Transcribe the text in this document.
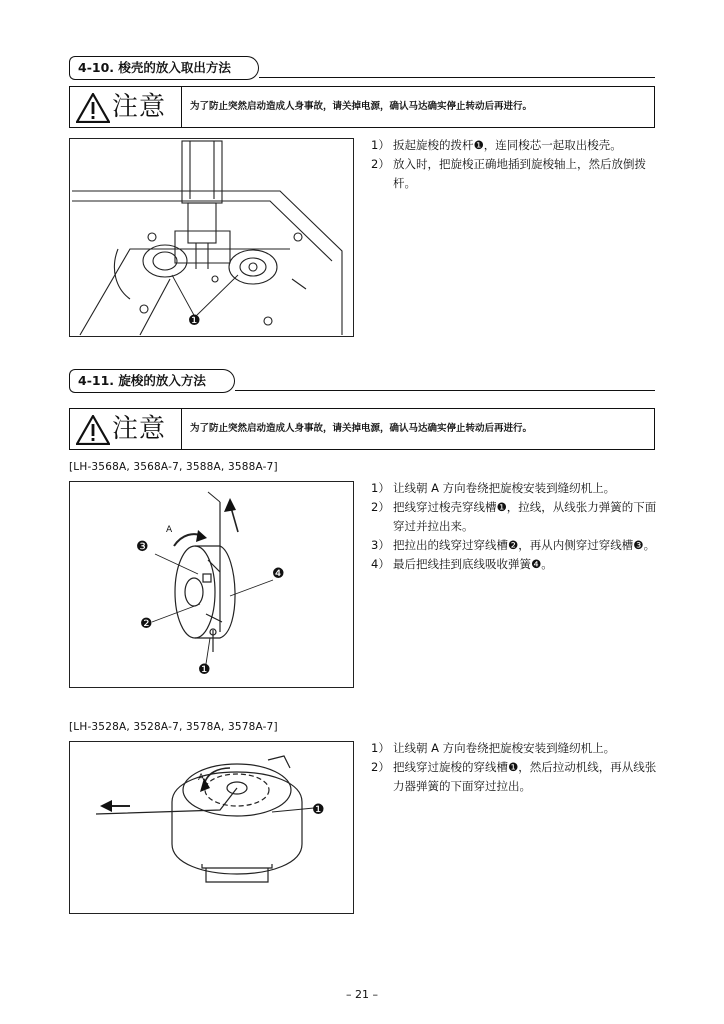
4-10. 梭壳的放入取出方法
注意	为了防止突然启动造成人身事故，请关掉电源，确认马达确实停止转动后再进行。
❶
1） 扳起旋梭的拨杆❶，连同梭芯一起取出梭壳。
2） 放入时，把旋梭正确地插到旋梭轴上，然后放倒拨杆。
4-11. 旋梭的放入方法
注意	为了防止突然启动造成人身事故，请关掉电源，确认马达确实停止转动后再进行。
[LH-3568A, 3568A-7, 3588A, 3588A-7]
A
❸
❹
❷
❶
1） 让线朝 A 方向卷绕把旋梭安装到缝纫机上。
2） 把线穿过梭壳穿线槽❶，拉线，从线张力弹簧的下面穿过并拉出来。
3） 把拉出的线穿过穿线槽❷，再从内侧穿过穿线槽❸。
4） 最后把线挂到底线吸收弹簧❹。
[LH-3528A, 3528A-7, 3578A, 3578A-7]
A
❶
1） 让线朝 A 方向卷绕把旋梭安装到缝纫机上。
2） 把线穿过旋梭的穿线槽❶，然后拉动机线，再从线张力器弹簧的下面穿过拉出。
– 21 –
